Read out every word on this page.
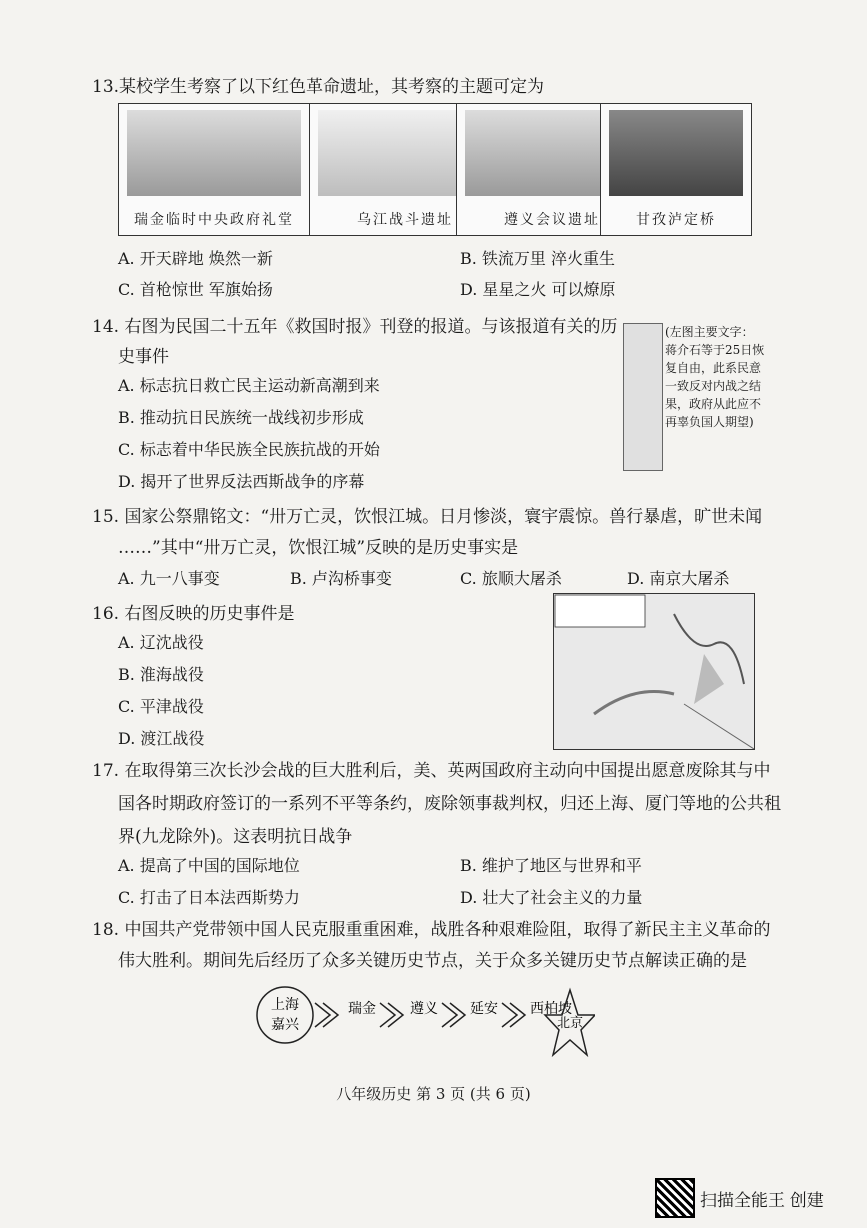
13.某校学生考察了以下红色革命遗址，其考察的主题可定为
瑞金临时中央政府礼堂	乌江战斗遗址	遵义会议遗址	甘孜泸定桥
A. 开天辟地 焕然一新	B. 铁流万里 淬火重生
C. 首枪惊世 军旗始扬	D. 星星之火 可以燎原
14. 右图为民国二十五年《救国时报》刊登的报道。与该报道有关的历
史事件
(左图主要文字：蒋介石等于25日恢复自由，此系民意一致反对内战之结果，政府从此应不再辜负国人期望)
A. 标志抗日救亡民主运动新高潮到来
B. 推动抗日民族统一战线初步形成
C. 标志着中华民族全民族抗战的开始
D. 揭开了世界反法西斯战争的序幕
15. 国家公祭鼎铭文：“卅万亡灵，饮恨江城。日月惨淡，寰宇震惊。兽行暴虐，旷世未闻
……”其中“卅万亡灵，饮恨江城”反映的是历史事实是
A. 九一八事变	B. 卢沟桥事变	C. 旅顺大屠杀	D. 南京大屠杀
16. 右图反映的历史事件是
A. 辽沈战役
B. 淮海战役
C. 平津战役
D. 渡江战役
17. 在取得第三次长沙会战的巨大胜利后，美、英两国政府主动向中国提出愿意废除其与中
国各时期政府签订的一系列不平等条约，废除领事裁判权，归还上海、厦门等地的公共租
界(九龙除外)。这表明抗日战争
A. 提高了中国的国际地位	B. 维护了地区与世界和平
C. 打击了日本法西斯势力	D. 壮大了社会主义的力量
18. 中国共产党带领中国人民克服重重困难，战胜各种艰难险阻，取得了新民主主义革命的
伟大胜利。期间先后经历了众多关键历史节点，关于众多关键历史节点解读正确的是
上海
嘉兴
瑞金 遵义 延安 西柏坡
北京
八年级历史 第 3 页 (共 6 页)
扫描全能王 创建
